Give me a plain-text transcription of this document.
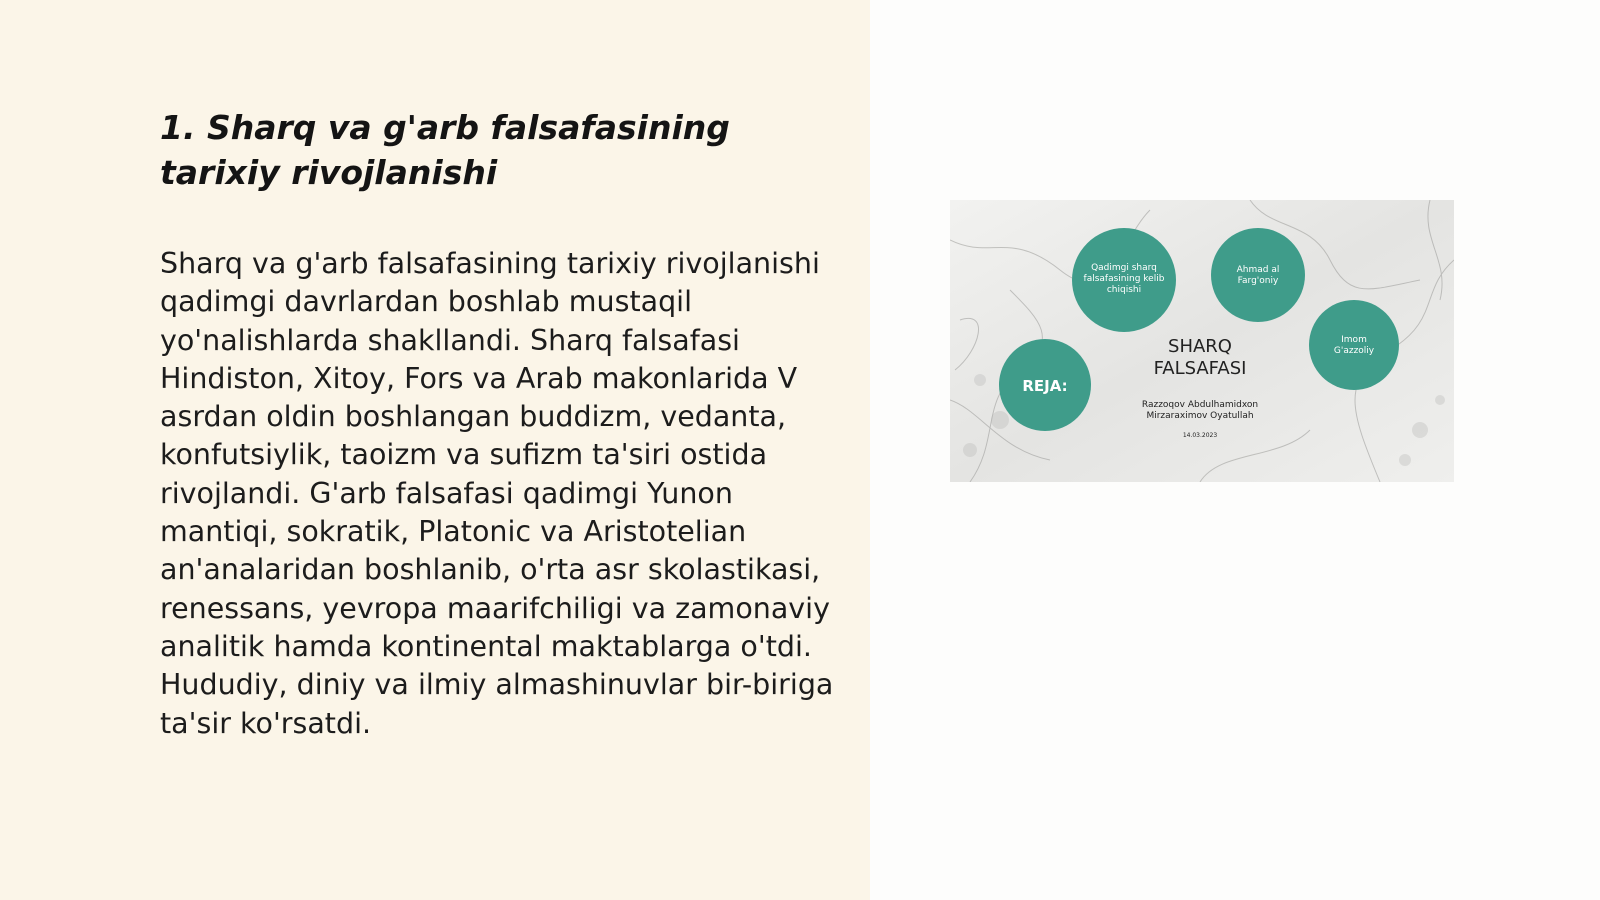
1. Sharq va g'arb falsafasining tarixiy rivojlanishi

Sharq va g'arb falsafasining tarixiy rivojlanishi qadimgi davrlardan boshlab mustaqil yo'nalishlarda shakllandi. Sharq falsafasi Hindiston, Xitoy, Fors va Arab makonlarida V asrdan oldin boshlangan buddizm, vedanta, konfutsiylik, taoizm va sufizm ta'siri ostida rivojlandi. G'arb falsafasi qadimgi Yunon mantiqi, sokratik, Platonic va Aristotelian an'analaridan boshlanib, o'rta asr skolastikasi, renessans, yevropa maarifchiligi va zamonaviy analitik hamda kontinental maktablarga o'tdi. Hududiy, diniy va ilmiy almashinuvlar bir-biriga ta'sir ko'rsatdi.

Qadimgi sharq
falsafasining kelib
chiqishi
Ahmad al
Farg'oniy
Imom
G'azzoliy
REJA:
SHARQ
FALSAFASI
Razzoqov Abdulhamidxon
Mirzaraximov Oyatullah
14.03.2023
